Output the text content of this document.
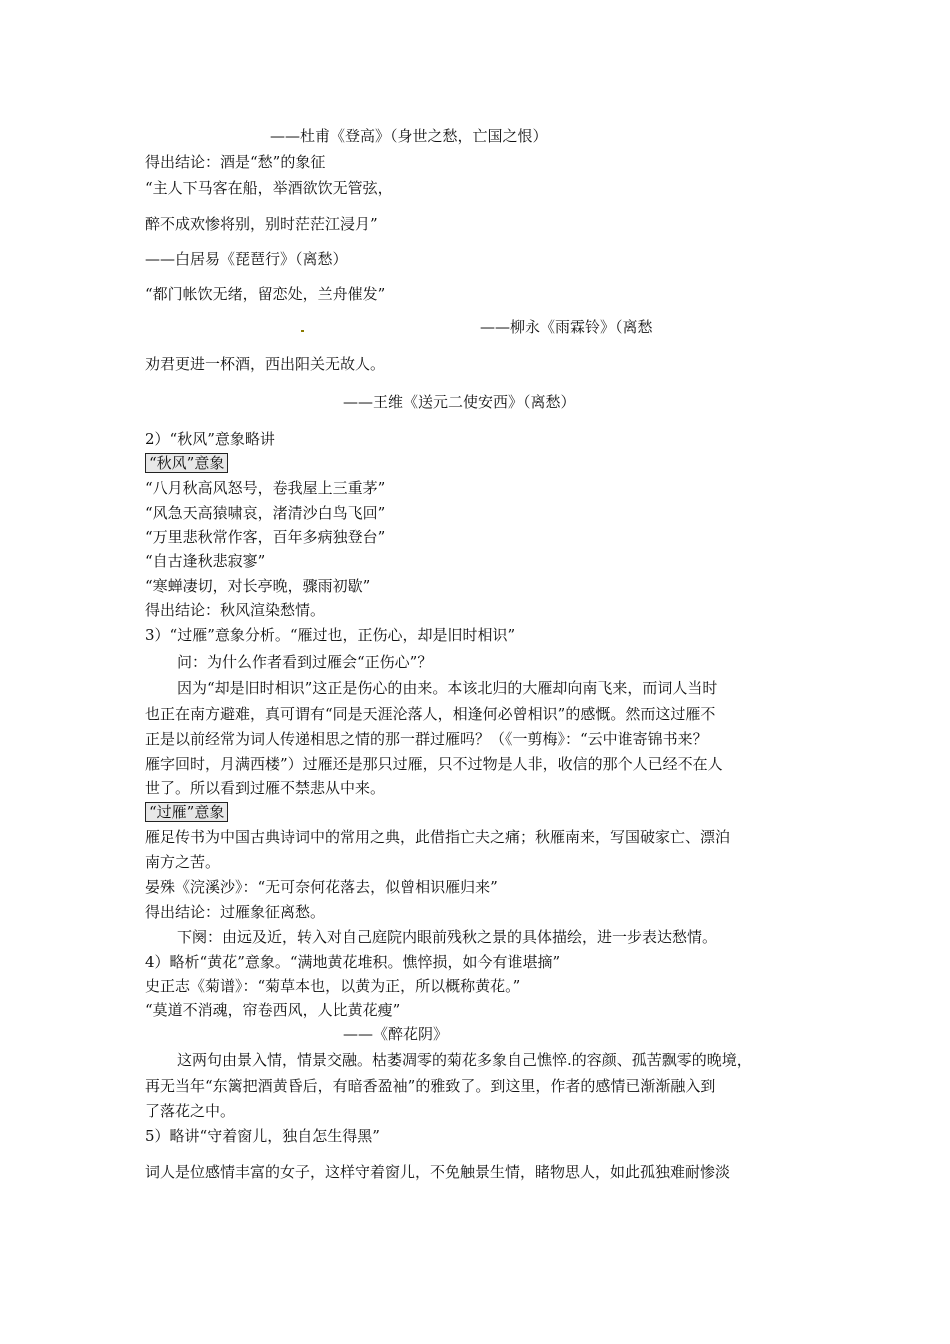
——杜甫《登高》（身世之愁，亡国之恨）
得出结论：酒是“愁”的象征
“主人下马客在船，举酒欲饮无管弦，
醉不成欢惨将别，别时茫茫江浸月”
——白居易《琵琶行》（离愁）
“都门帐饮无绪，留恋处，兰舟催发”
——柳永《雨霖铃》（离愁
劝君更进一杯酒，西出阳关无故人。
——王维《送元二使安西》（离愁）
2）“秋风”意象略讲
“秋风”意象
“八月秋高风怒号，卷我屋上三重茅”
“风急天高猿啸哀，渚清沙白鸟飞回”
“万里悲秋常作客，百年多病独登台”
“自古逢秋悲寂寥”
“寒蝉凄切，对长亭晚，骤雨初歇”
得出结论：秋风渲染愁情。
3）“过雁”意象分析。“雁过也，正伤心，却是旧时相识”
问：为什么作者看到过雁会“正伤心”？
因为“却是旧时相识”这正是伤心的由来。本该北归的大雁却向南飞来，而词人当时
也正在南方避难，真可谓有“同是天涯沦落人，相逢何必曾相识”的感慨。然而这过雁不
正是以前经常为词人传递相思之情的那一群过雁吗？（《一剪梅》：“云中谁寄锦书来？
雁字回时，月满西楼”）过雁还是那只过雁，只不过物是人非，收信的那个人已经不在人
世了。所以看到过雁不禁悲从中来。
“过雁”意象
雁足传书为中国古典诗词中的常用之典，此借指亡夫之痛；秋雁南来，写国破家亡、漂泊
南方之苦。
晏殊《浣溪沙》：“无可奈何花落去，似曾相识雁归来”
得出结论：过雁象征离愁。
下阕：由远及近，转入对自己庭院内眼前残秋之景的具体描绘，进一步表达愁情。
4）略析“黄花”意象。“满地黄花堆积。憔悴损，如今有谁堪摘”
史正志《菊谱》：“菊草本也，以黄为正，所以概称黄花。”
“莫道不消魂，帘卷西风，人比黄花瘦”
——《醉花阴》
这两句由景入情，情景交融。枯萎凋零的菊花多象自己憔悴.的容颜、孤苦飘零的晚境，
再无当年“东篱把酒黄昏后，有暗香盈袖”的雅致了。到这里，作者的感情已渐渐融入到
了落花之中。
5）略讲“守着窗儿，独自怎生得黑”
词人是位感情丰富的女子，这样守着窗儿，不免触景生情，睹物思人，如此孤独难耐惨淡
